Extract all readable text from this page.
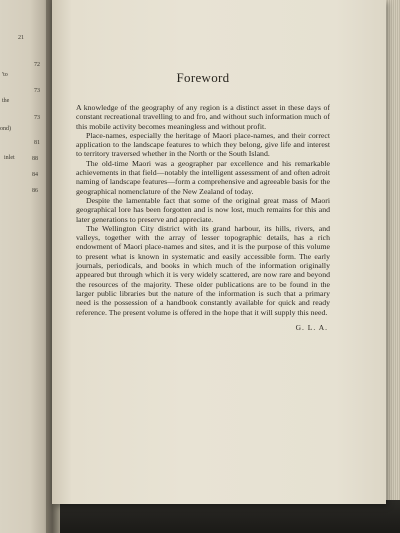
21
72
'to
73
the
73
ond)
81
inlet	88
84
86
Foreword

A knowledge of the geography of any region is a distinct asset in these days of constant recreational travelling to and fro, and without such information much of this mobile activity becomes meaningless and without profit.

Place-names, especially the heritage of Maori place-names, and their correct application to the landscape features to which they belong, give life and interest to territory traversed whether in the North or the South Island.

The old-time Maori was a geographer par excellence and his remarkable achievements in that field—notably the intelligent assessment of and often adroit naming of landscape features—form a comprehensive and agreeable basis for the geographical nomenclature of the New Zealand of today.

Despite the lamentable fact that some of the original great mass of Maori geographical lore has been forgotten and is now lost, much remains for this and later generations to preserve and appreciate.

The Wellington City district with its grand harbour, its hills, rivers, and valleys, together with the array of lesser topographic details, has a rich endowment of Maori place-names and sites, and it is the purpose of this volume to present what is known in systematic and easily accessible form. The early journals, periodicals, and books in which much of the information originally appeared but through which it is very widely scattered, are now rare and beyond the resources of the majority. These older publications are to be found in the larger public libraries but the nature of the information is such that a primary need is the possession of a handbook constantly available for quick and ready reference. The present volume is offered in the hope that it will supply this need.

G. L. A.
